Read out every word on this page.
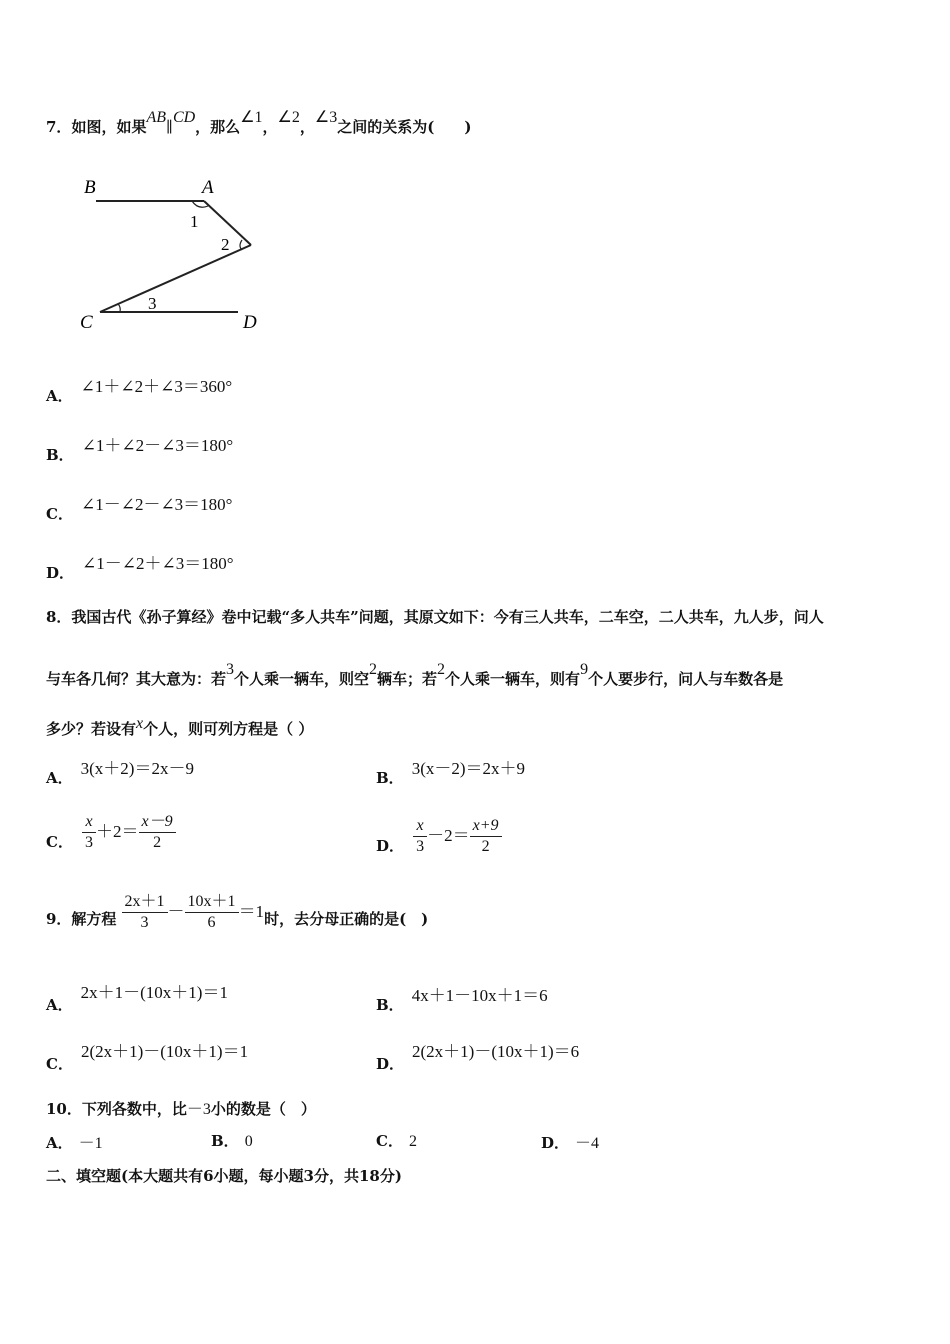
7．如图，如果AB∥CD，那么∠1，∠2，∠3之间的关系为(　　)
B	A
C	D
1
2
3
A． ∠1＋∠2＋∠3＝360°
B． ∠1＋∠2－∠3＝180°
C． ∠1－∠2－∠3＝180°
D． ∠1－∠2＋∠3＝180°
8．我国古代《孙子算经》卷中记载“多人共车”问题，其原文如下：今有三人共车，二车空，二人共车，九人步，问人
与车各几何？其大意为：若3个人乘一辆车，则空2辆车；若2个人乘一辆车，则有9个人要步行，问人与车数各是
多少？若设有x个人，则可列方程是（ ）
A． 3(x＋2)＝2x－9	B． 3(x－2)＝2x＋9
C． $\frac{x}{3} +2= \frac{x-9}{2}$	D． $\frac{x}{3} -2= \frac{x+9}{2}$
9．解方程 $\frac{2x+1}{3} - \frac{10x+1}{6} =1$时，去分母正确的是(　)
A．2x＋1－(10x＋1)＝1
B． 4x＋1－10x＋1＝6
C．2(2x＋1)－(10x＋1)＝1
D．2(2x＋1)－(10x＋1)＝6
10．下列各数中，比－3小的数是（　）
A． －1	B． 0	C． 2	D． －4
二、填空题(本大题共有6小题，每小题3分，共18分)
